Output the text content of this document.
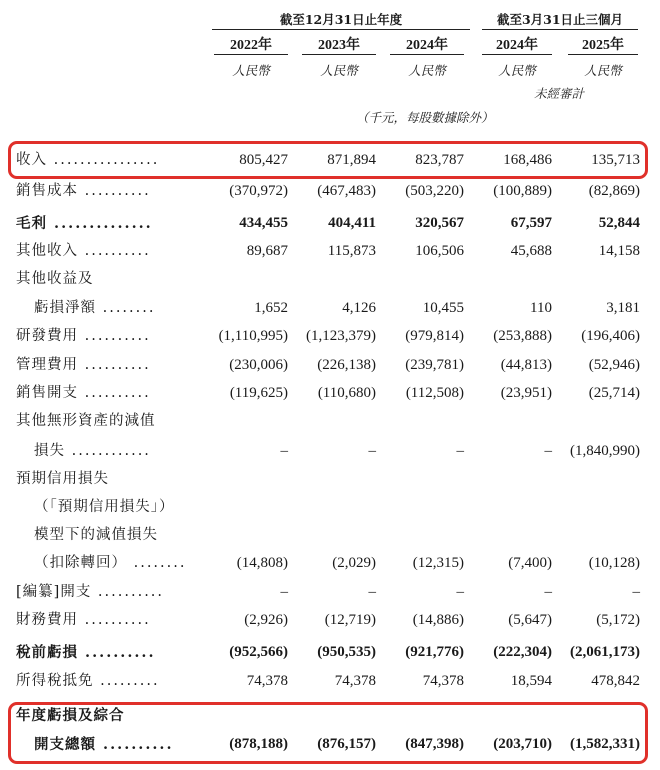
截至12月31日止年度	截至3月31日止三個月
2022年	2023年	2024年	2024年	2025年
人民幣	人民幣	人民幣	人民幣	人民幣
未經審計
（千元，每股數據除外）
收入 ................	805,427	871,894	823,787	168,486	135,713
銷售成本 ..........	(370,972)	(467,483)	(503,220)	(100,889)	(82,869)
毛利 ..............	434,455	404,411	320,567	67,597	52,844
其他收入 ..........	89,687	115,873	106,506	45,688	14,158
其他收益及
虧損淨額 ........	1,652	4,126	10,455	110	3,181
研發費用 ..........	(1,110,995)	(1,123,379)	(979,814)	(253,888)	(196,406)
管理費用 ..........	(230,006)	(226,138)	(239,781)	(44,813)	(52,946)
銷售開支 ..........	(119,625)	(110,680)	(112,508)	(23,951)	(25,714)
其他無形資產的減值
損失 ............	–	–	–	–	(1,840,990)
預期信用損失
（「預期信用損失」）
模型下的減值損失
（扣除轉回） ........	(14,808)	(2,029)	(12,315)	(7,400)	(10,128)
[編纂]開支 ..........	–	–	–	–	–
財務費用 ..........	(2,926)	(12,719)	(14,886)	(5,647)	(5,172)
稅前虧損 ..........	(952,566)	(950,535)	(921,776)	(222,304)	(2,061,173)
所得稅抵免 .........	74,378	74,378	74,378	18,594	478,842
年度虧損及綜合
開支總額 ..........	(878,188)	(876,157)	(847,398)	(203,710)	(1,582,331)
